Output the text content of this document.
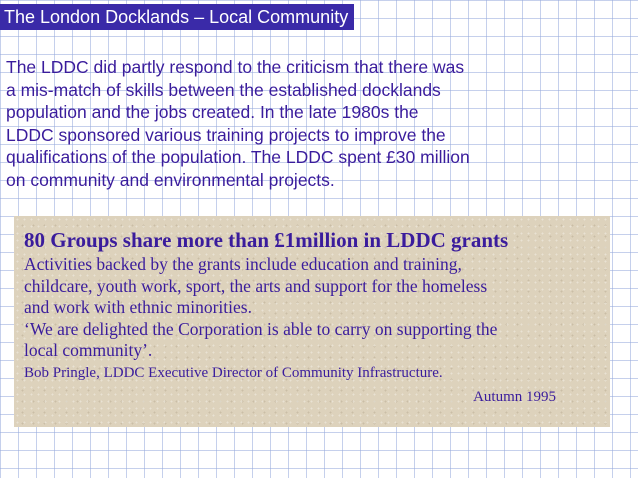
The London Docklands – Local Community
The LDDC did partly respond to the criticism that there was
a mis-match of skills between the established docklands
population and the jobs created. In the late 1980s the
LDDC sponsored various training projects to improve the
qualifications of the population. The LDDC spent £30 million
on community and environmental projects.
80 Groups share more than £1million in LDDC grants
Activities backed by the grants include education and training,
childcare, youth work, sport, the arts and support for the homeless
and work with ethnic minorities.
‘We are delighted the Corporation is able to carry on supporting the
local community’.
Bob Pringle, LDDC Executive Director of Community Infrastructure.
Autumn 1995
